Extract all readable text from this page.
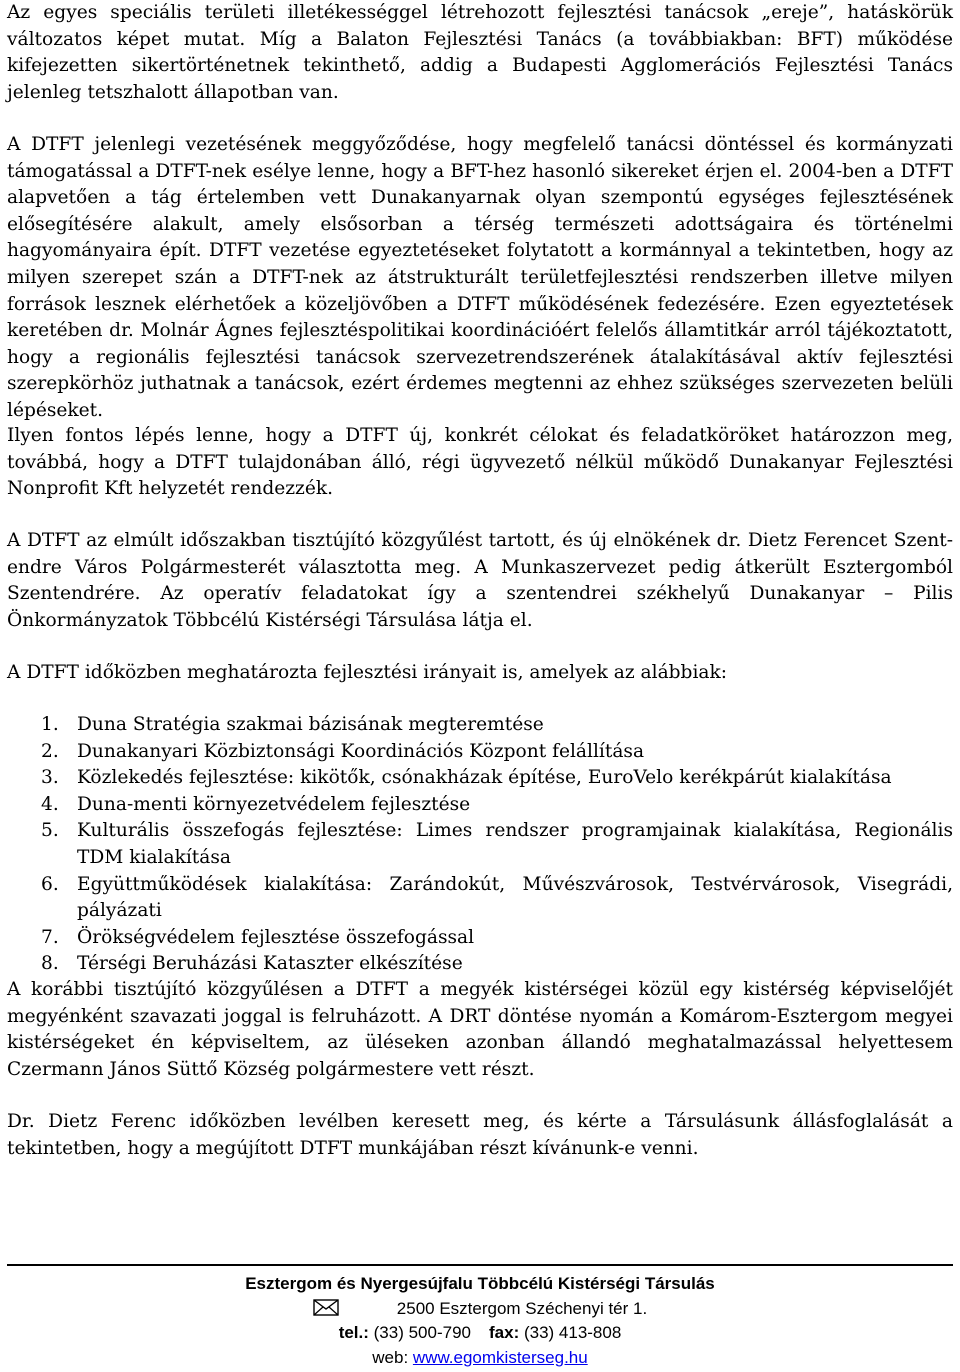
Az egyes speciális területi illetékességgel létrehozott fejlesztési tanácsok „ereje”, hatáskörük változatos képet mutat. Míg a Balaton Fejlesztési Tanács (a továbbiakban: BFT) működése kifejezetten sikertörténetnek tekinthető, addig a Budapesti Agglomerációs Fejlesztési Tanács jelenleg tetszhalott állapotban van.

A DTFT jelenlegi vezetésének meggyőződése, hogy megfelelő tanácsi döntéssel és kormányzati támogatással a DTFT-nek esélye lenne, hogy a BFT-hez hasonló sikereket érjen el. 2004-ben a DTFT alapvetően a tág értelemben vett Dunakanyarnak olyan szempontú egységes fejlesztésének elősegítésére alakult, amely elsősorban a térség természeti adottságaira és történelmi hagyományaira épít. DTFT vezetése egyeztetéseket folytatott a kormánnyal a tekintetben, hogy az milyen szerepet szán a DTFT-nek az átstrukturált területfejlesztési rendszerben illetve milyen források lesznek elérhetőek a közeljövőben a DTFT működésének fedezésére. Ezen egyeztetések keretében dr. Molnár Ágnes fejlesztéspolitikai koordinációért felelős államtitkár arról tájékoztatott, hogy a regionális fejlesztési tanácsok szervezetrendszerének átalakításával aktív fejlesztési szerepkörhöz juthatnak a tanácsok, ezért érdemes megtenni az ehhez szükséges szervezeten belüli lépéseket.

Ilyen fontos lépés lenne, hogy a DTFT új, konkrét célokat és feladatköröket határozzon meg, továbbá, hogy a DTFT tulajdonában álló, régi ügyvezető nélkül működő Dunakanyar Fejlesztési Nonprofit Kft helyzetét rendezzék.

A DTFT az elmúlt időszakban tisztújító közgyűlést tartott, és új elnökének dr. Dietz Ferencet Szentendre Város Polgármesterét választotta meg. A Munkaszervezet pedig átkerült Esztergomból Szentendrére. Az operatív feladatokat így a szentendrei székhelyű Dunakanyar – Pilis Önkormányzatok Többcélú Kistérségi Társulása látja el.

A DTFT időközben meghatározta fejlesztési irányait is, amelyek az alábbiak:

1. Duna Stratégia szakmai bázisának megteremtése
2. Dunakanyari Közbiztonsági Koordinációs Központ felállítása
3. Közlekedés fejlesztése: kikötők, csónakházak építése, EuroVelo kerékpárút kialakítása
4. Duna-menti környezetvédelem fejlesztése
5. Kulturális összefogás fejlesztése: Limes rendszer programjainak kialakítása, Regionális TDM kialakítása
6. Együttműködések kialakítása: Zarándokút, Művészvárosok, Testvérvárosok, Visegrádi, pályázati
7. Örökségvédelem fejlesztése összefogással
8. Térségi Beruházási Kataszter elkészítése

A korábbi tisztújító közgyűlésen a DTFT a megyék kistérségei közül egy kistérség képviselőjét megyénként szavazati joggal is felruházott. A DRT döntése nyomán a Komárom-Esztergom megyei kistérségeket én képviseltem, az üléseken azonban állandó meghatalmazással helyettesem Czermann János Süttő Község polgármestere vett részt.

Dr. Dietz Ferenc időközben levélben keresett meg, és kérte a Társulásunk állásfoglalását a tekintetben, hogy a megújított DTFT munkájában részt kívánunk-e venni.

Esztergom és Nyergesújfalu Többcélú Kistérségi Társulás
2500 Esztergom Széchenyi tér 1.
tel.: (33) 500-790 fax: (33) 413-808
web: www.egomkisterseg.hu
